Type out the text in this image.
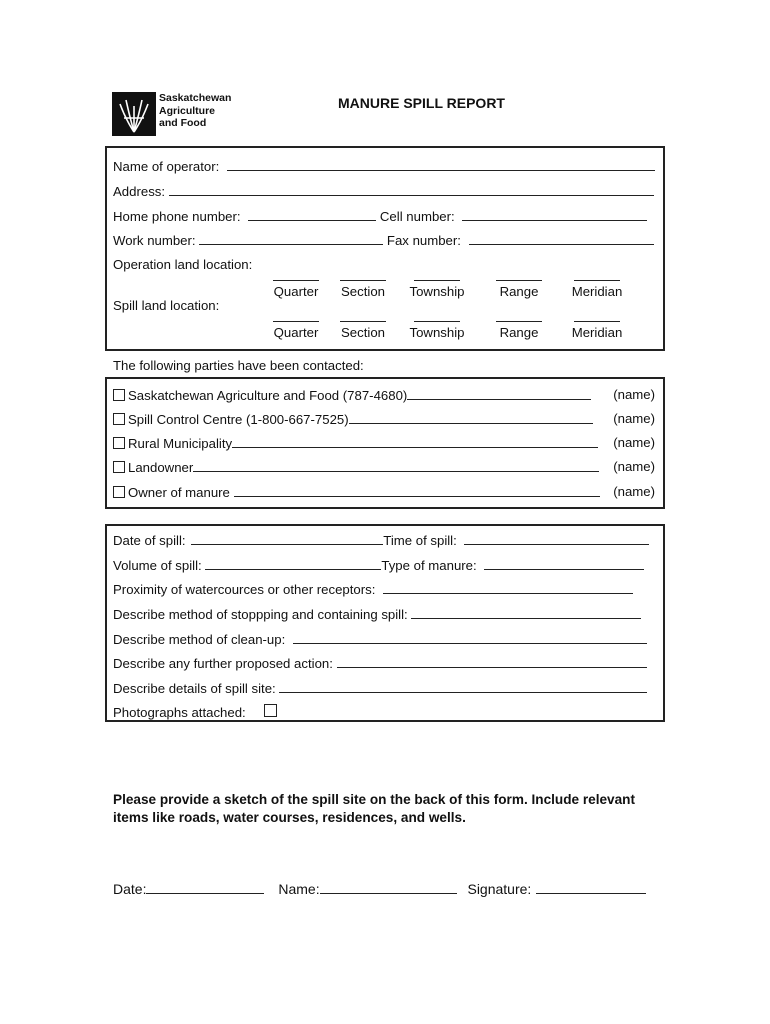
Saskatchewan
Agriculture
and Food
MANURE SPILL REPORT
Name of operator:
Address:
Home phone number:	Cell number:
Work number:	Fax number:
Operation land location:
Quarter	Section	Township	Range	Meridian
Spill land location:
Quarter	Section	Township	Range	Meridian
The following parties have been contacted:
Saskatchewan Agriculture and Food (787-4680)	(name)
Spill Control Centre (1-800-667-7525)	(name)
Rural Municipality	(name)
Landowner	(name)
Owner of manure	(name)
Date of spill:	Time of spill:
Volume of spill:	Type of manure:
Proximity of watercources or other receptors:
Describe method of stoppping and containing spill:
Describe method of clean-up:
Describe any further proposed action:
Describe details of spill site:
Photographs attached:
Please provide a sketch of the spill site on the back of this form. Include relevant items like roads, water courses, residences, and wells.
Date:	Name:	Signature:
